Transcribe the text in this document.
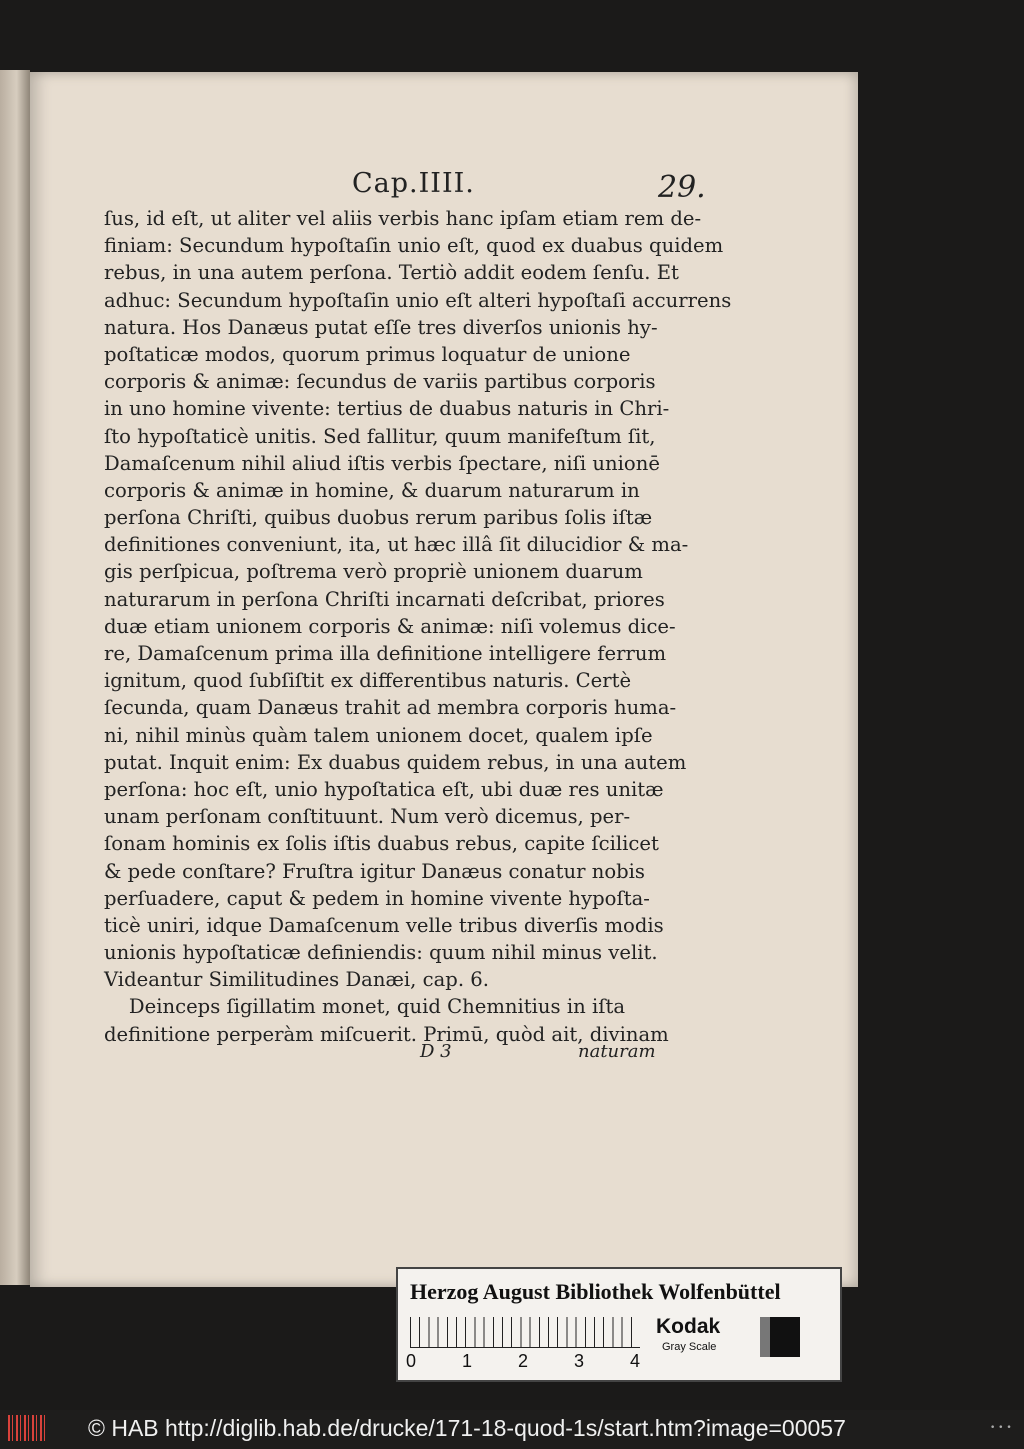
Cap.IIII.	29.
ſus, id eſt, ut aliter vel aliis verbis hanc ipſam etiam rem de-
finiam: Secundum hypoſtaſin unio eſt, quod ex duabus quidem
rebus, in una autem perſona. Tertiò addit eodem ſenſu. Et
adhuc: Secundum hypoſtaſin unio eſt alteri hypoſtaſi accurrens
natura. Hos Danæus putat eſſe tres diverſos unionis hy-
poſtaticæ modos, quorum primus loquatur de unione
corporis & animæ: ſecundus de variis partibus corporis
in uno homine vivente: tertius de duabus naturis in Chri-
ſto hypoſtaticè unitis. Sed fallitur, quum manifeſtum ſit,
Damaſcenum nihil aliud iſtis verbis ſpectare, niſi unionē
corporis & animæ in homine, & duarum naturarum in
perſona Chriſti, quibus duobus rerum paribus ſolis iſtæ
definitiones conveniunt, ita, ut hæc illâ ſit dilucidior & ma-
gis perſpicua, poſtrema verò propriè unionem duarum
naturarum in perſona Chriſti incarnati deſcribat, priores
duæ etiam unionem corporis & animæ: niſi volemus dice-
re, Damaſcenum prima illa definitione intelligere ferrum
ignitum, quod ſubſiſtit ex differentibus naturis. Certè
ſecunda, quam Danæus trahit ad membra corporis huma-
ni, nihil minùs quàm talem unionem docet, qualem ipſe
putat. Inquit enim: Ex duabus quidem rebus, in una autem
perſona: hoc eſt, unio hypoſtatica eſt, ubi duæ res unitæ
unam perſonam conſtituunt. Num verò dicemus, per-
ſonam hominis ex ſolis iſtis duabus rebus, capite ſcilicet
& pede conſtare? Fruſtra igitur Danæus conatur nobis
perſuadere, caput & pedem in homine vivente hypoſta-
ticè uniri, idque Damaſcenum velle tribus diverſis modis
unionis hypoſtaticæ definiendis: quum nihil minus velit.
Videantur Similitudines Danæi, cap. 6.
Deinceps ſigillatim monet, quid Chemnitius in iſta
definitione perperàm miſcuerit. Primū, quòd ait, divinam
D 3	naturam
Herzog August Bibliothek Wolfenbüttel
0	1	2	3	4
Kodak
Gray Scale
© HAB http://diglib.hab.de/drucke/171-18-quod-1s/start.htm?image=00057	• • •
